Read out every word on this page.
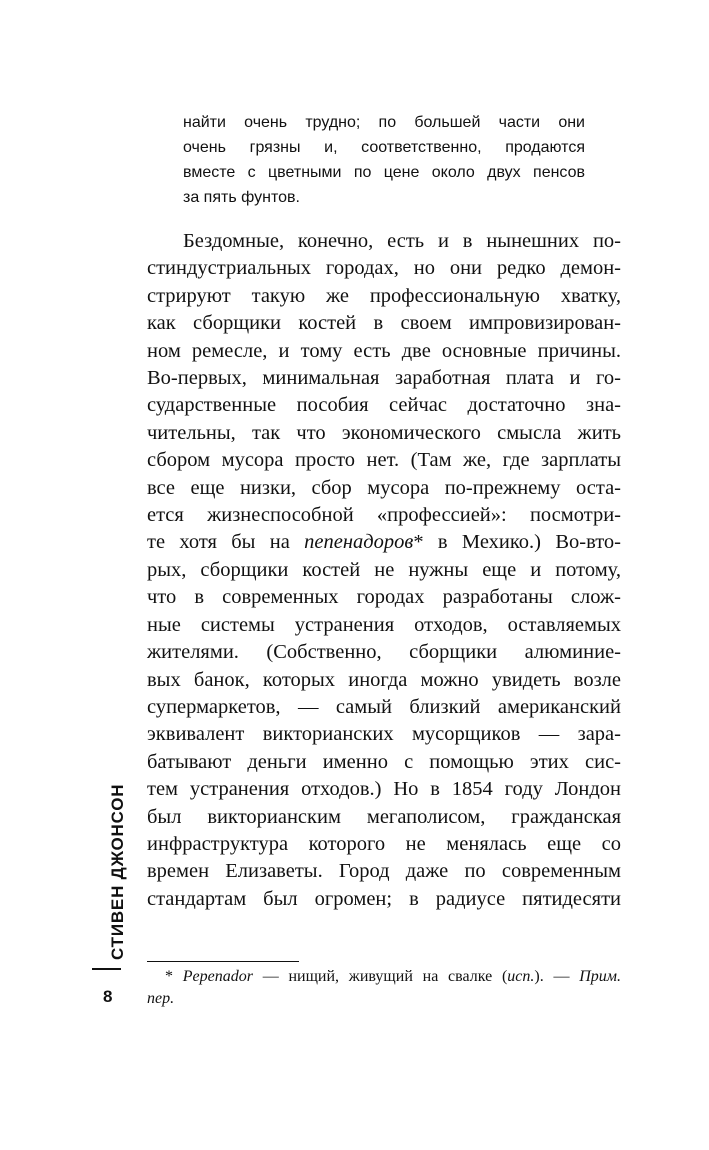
найти очень трудно; по большей части они
очень грязны и, соответственно, продаются
вместе с цветными по цене около двух пенсов
за пять фунтов.
Бездомные, конечно, есть и в нынешних по-
стиндустриальных городах, но они редко демон-
стрируют такую же профессиональную хватку,
как сборщики костей в своем импровизирован-
ном ремесле, и тому есть две основные причины.
Во-первых, минимальная заработная плата и го-
сударственные пособия сейчас достаточно зна-
чительны, так что экономического смысла жить
сбором мусора просто нет. (Там же, где зарплаты
все еще низки, сбор мусора по-прежнему оста-
ется жизнеспособной «профессией»: посмотри-
те хотя бы на пепенадоров* в Мехико.) Во-вто-
рых, сборщики костей не нужны еще и потому,
что в современных городах разработаны слож-
ные системы устранения отходов, оставляемых
жителями. (Собственно, сборщики алюминие-
вых банок, которых иногда можно увидеть возле
супермаркетов, — самый близкий американский
эквивалент викторианских мусорщиков — зара-
батывают деньги именно с помощью этих сис-
тем устранения отходов.) Но в 1854 году Лондон
был викторианским мегаполисом, гражданская
инфраструктура которого не менялась еще со
времен Елизаветы. Город даже по современным
стандартам был огромен; в радиусе пятидесяти
* Pepenador — нищий, живущий на свалке (исп.). — Прим.
пер.
СТИВЕН ДЖОНСОН
8
